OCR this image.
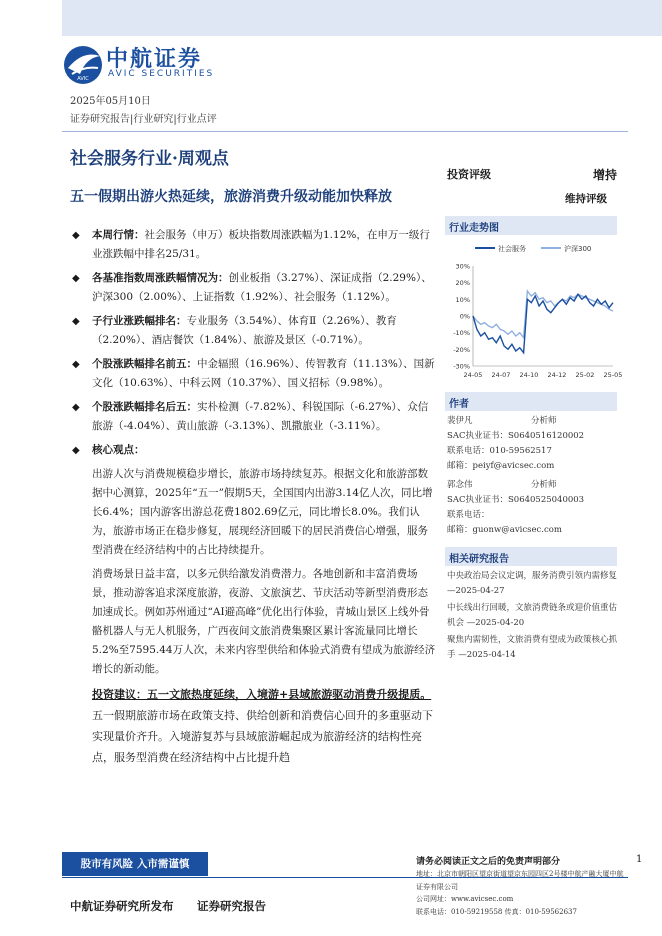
AVIC
中航证券
AVIC SECURITIES
2025年05月10日
证券研究报告|行业研究|行业点评
社会服务行业·周观点
五一假期出游火热延续，旅游消费升级动能加快释放
投资评级	增持
维持评级
◆ 本周行情：社会服务（申万）板块指数周涨跌幅为1.12%，在申万一级行业涨跌幅中排名25/31。
◆ 各基准指数周涨跌幅情况为：创业板指（3.27%）、深证成指（2.29%）、沪深300（2.00%）、上证指数（1.92%）、社会服务（1.12%）。
◆ 子行业涨跌幅排名：专业服务（3.54%）、体育Ⅱ（2.26%）、教育（2.20%）、酒店餐饮（1.84%）、旅游及景区（-0.71%）。
◆ 个股涨跌幅排名前五：中金辐照（16.96%）、传智教育（11.13%）、国新文化（10.63%）、中科云网（10.37%）、国义招标（9.98%）。
◆ 个股涨跌幅排名后五：实朴检测（-7.82%）、科锐国际（-6.27%）、众信旅游（-4.04%）、黄山旅游（-3.13%）、凯撒旅业（-3.11%）。
◆ 核心观点：
出游人次与消费规模稳步增长，旅游市场持续复苏。根据文化和旅游部数据中心测算，2025年“五一”假期5天，全国国内出游3.14亿人次，同比增长6.4%；国内游客出游总花费1802.69亿元，同比增长8.0%。我们认为，旅游市场正在稳步修复，展现经济回暖下的居民消费信心增强，服务型消费在经济结构中的占比持续提升。
消费场景日益丰富，以多元供给激发消费潜力。各地创新和丰富消费场景，推动游客追求深度旅游，夜游、文旅演艺、节庆活动等新型消费形态加速成长。例如苏州通过“AI避高峰”优化出行体验，青城山景区上线外骨骼机器人与无人机服务，广西夜间文旅消费集聚区累计客流量同比增长5.2%至7595.44万人次，未来内容型供给和体验式消费有望成为旅游经济增长的新动能。
投资建议：五一文旅热度延续，入境游+县域旅游驱动消费升级提质。五一假期旅游市场在政策支持、供给创新和消费信心回升的多重驱动下实现量价齐升。入境游复苏与县域旅游崛起成为旅游经济的结构性亮点，服务型消费在经济结构中占比提升趋
行业走势图
社会服务	沪深300
30%
20%
10%
0%
-10%
-20%
-30%
24-05 24-07 24-10 24-12 25-02 25-05
作者
裴伊凡	分析师
SAC执业证书：S0640516120002
联系电话：010-59562517
邮箱：peiyf@avicsec.com
郭念伟	分析师
SAC执业证书：S0640525040003
联系电话：
邮箱：guonw@avicsec.com
相关研究报告
中央政治局会议定调，服务消费引领内需修复 —2025-04-27
中长线出行回暖，文旅消费链条或迎价值重估机会 —2025-04-20
聚焦内需韧性，文旅消费有望成为政策核心抓手 —2025-04-14
股市有风险 入市需谨慎	请务必阅读正文之后的免责声明部分	1
中航证券研究所发布 证券研究报告
地址：北京市朝阳区望京街道望京东园四区2号楼中航产融大厦中航证券有限公司
公司网址：www.avicsec.com
联系电话：010-59219558 传真：010-59562637
